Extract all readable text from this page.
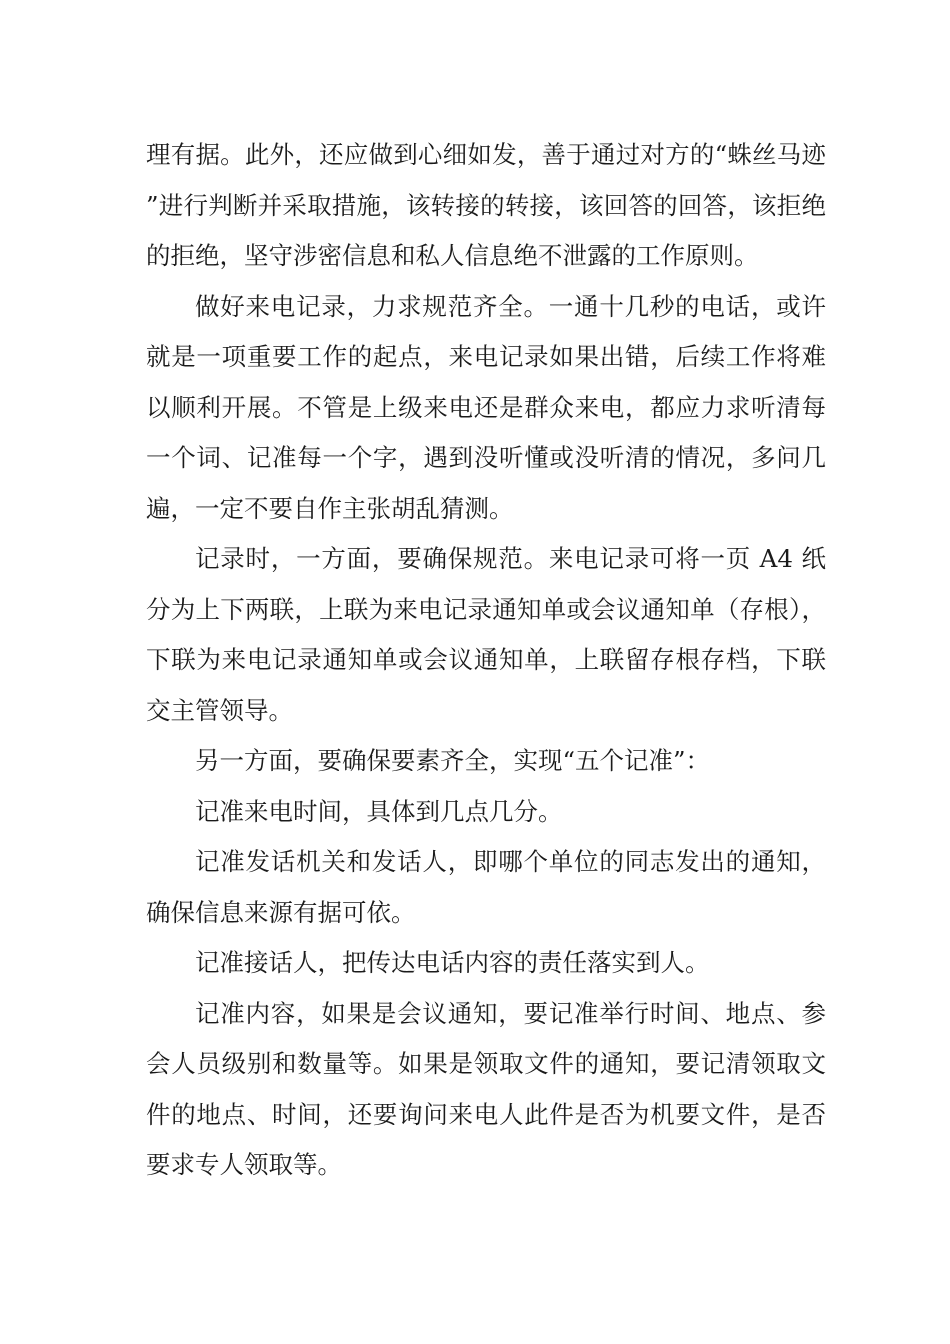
理有据。此外，还应做到心细如发，善于通过对方的“蛛丝马迹”进行判断并采取措施，该转接的转接，该回答的回答，该拒绝的拒绝，坚守涉密信息和私人信息绝不泄露的工作原则。

做好来电记录，力求规范齐全。一通十几秒的电话，或许就是一项重要工作的起点，来电记录如果出错，后续工作将难以顺利开展。不管是上级来电还是群众来电，都应力求听清每一个词、记准每一个字，遇到没听懂或没听清的情况，多问几遍，一定不要自作主张胡乱猜测。

记录时，一方面，要确保规范。来电记录可将一页 A4 纸分为上下两联，上联为来电记录通知单或会议通知单（存根），下联为来电记录通知单或会议通知单，上联留存根存档，下联交主管领导。

另一方面，要确保要素齐全，实现“五个记准”：

记准来电时间，具体到几点几分。

记准发话机关和发话人，即哪个单位的同志发出的通知，确保信息来源有据可依。

记准接话人，把传达电话内容的责任落实到人。

记准内容，如果是会议通知，要记准举行时间、地点、参会人员级别和数量等。如果是领取文件的通知，要记清领取文件的地点、时间，还要询问来电人此件是否为机要文件，是否要求专人领取等。
